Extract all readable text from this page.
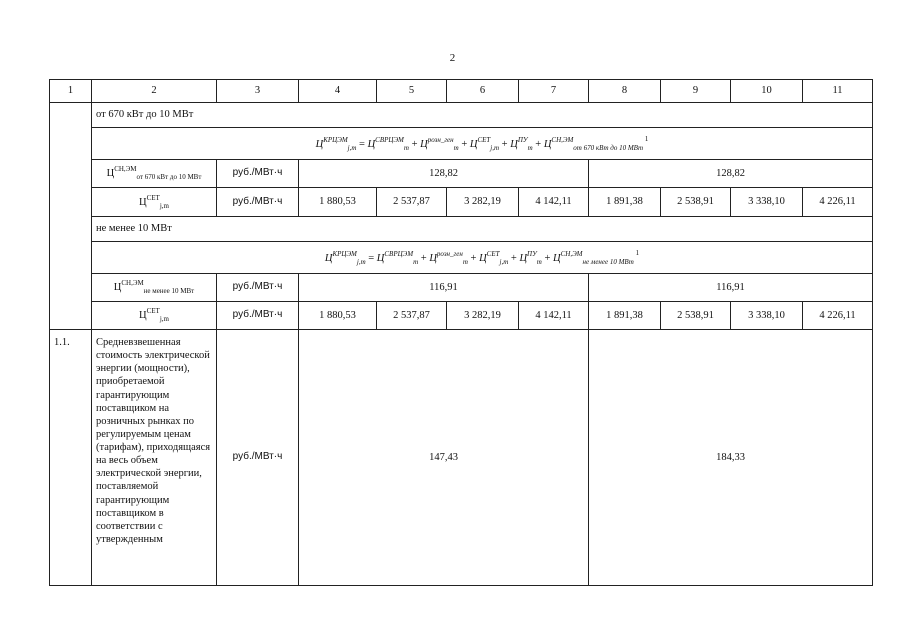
2
1	2	3	4	5	6	7	8	9	10	11
	от 670 кВт до 10 МВт									
	$Ц^{КРЦЭМ}_{j,m} = Ц^{СВРЦЭМ}_m + Ц^{розн\_ген}_m + Ц^{СЕТ}_{j,m} + Ц^{ПУ}_m + Ц^{СН,ЭМ}_{от 670 кВт до 10 МВт}$ $^1$
	$Ц^{СН,ЭМ}_{от 670 кВт до 10 МВт}$	руб./МВт·ч	128,82				128,82			
	$Ц^{СЕТ}_{j,m}$	руб./МВт·ч	1 880,53	2 537,87	3 282,19	4 142,11	1 891,38	2 538,91	3 338,10	4 226,11
	не менее 10 МВт									
	$Ц^{КРЦЭМ}_{j,m} = Ц^{СВРЦЭМ}_m + Ц^{розн\_ген}_m + Ц^{СЕТ}_{j,m} + Ц^{ПУ}_m + Ц^{СН,ЭМ}_{не менее 10 МВт}$ $^1$
	$Ц^{СН,ЭМ}_{не менее 10 МВт}$	руб./МВт·ч	116,91				116,91			
	$Ц^{СЕТ}_{j,m}$	руб./МВт·ч	1 880,53	2 537,87	3 282,19	4 142,11	1 891,38	2 538,91	3 338,10	4 226,11
1.1.	Средневзвешенная стоимость электрической энергии (мощности), приобретаемой гарантирующим поставщиком на розничных рынках по регулируемым ценам (тарифам), приходящаяся на весь объем электрической энергии, поставляемой гарантирующим поставщиком в соответствии с утвержденным	руб./МВт·ч	147,43				184,33			
